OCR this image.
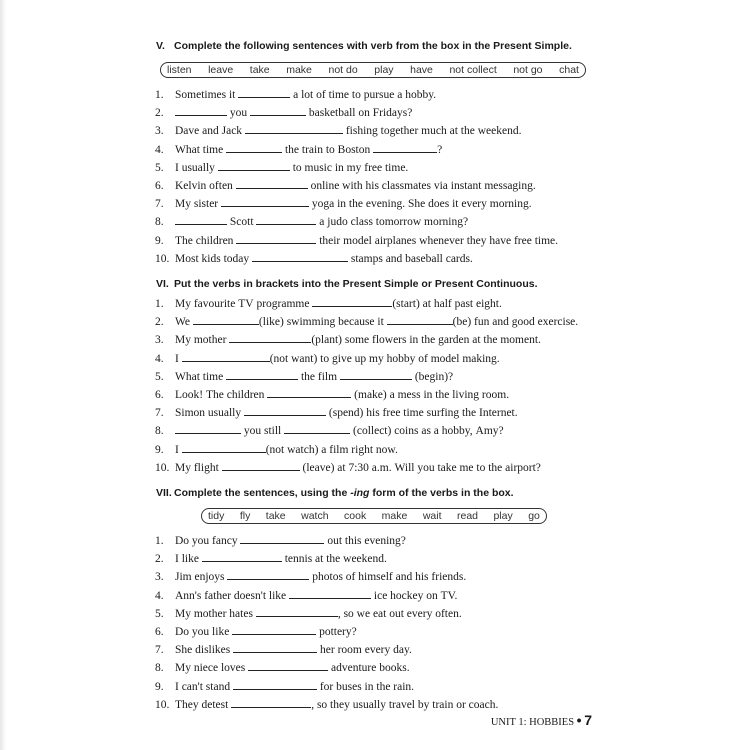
V. Complete the following sentences with verb from the box in the Present Simple.
listen leave take make not do play have not collect not go chat
1. Sometimes it	a lot of time to pursue a hobby.
2.	you	basketball on Fridays?
3. Dave and Jack	fishing together much at the weekend.
4. What time	the train to Boston	?
5. I usually	to music in my free time.
6. Kelvin often	online with his classmates via instant messaging.
7. My sister	yoga in the evening. She does it every morning.
8.	Scott	a judo class tomorrow morning?
9. The children	their model airplanes whenever they have free time.
10. Most kids today	stamps and baseball cards.
VI. Put the verbs in brackets into the Present Simple or Present Continuous.
1. My favourite TV programme	(start) at half past eight.
2. We	(like) swimming because it	(be) fun and good exercise.
3. My mother	(plant) some flowers in the garden at the moment.
4. I	(not want) to give up my hobby of model making.
5. What time	the film	(begin)?
6. Look! The children	(make) a mess in the living room.
7. Simon usually	(spend) his free time surfing the Internet.
8.	you still	(collect) coins as a hobby, Amy?
9. I	(not watch) a film right now.
10. My flight	(leave) at 7:30 a.m. Will you take me to the airport?
VII. Complete the sentences, using the -ing form of the verbs in the box.
tidy fly take watch cook make wait read play go
1. Do you fancy	out this evening?
2. I like	tennis at the weekend.
3. Jim enjoys	photos of himself and his friends.
4. Ann's father doesn't like	ice hockey on TV.
5. My mother hates	, so we eat out every often.
6. Do you like	pottery?
7. She dislikes	her room every day.
8. My niece loves	adventure books.
9. I can't stand	for buses in the rain.
10. They detest	, so they usually travel by train or coach.
UNIT 1: HOBBIES • 7
